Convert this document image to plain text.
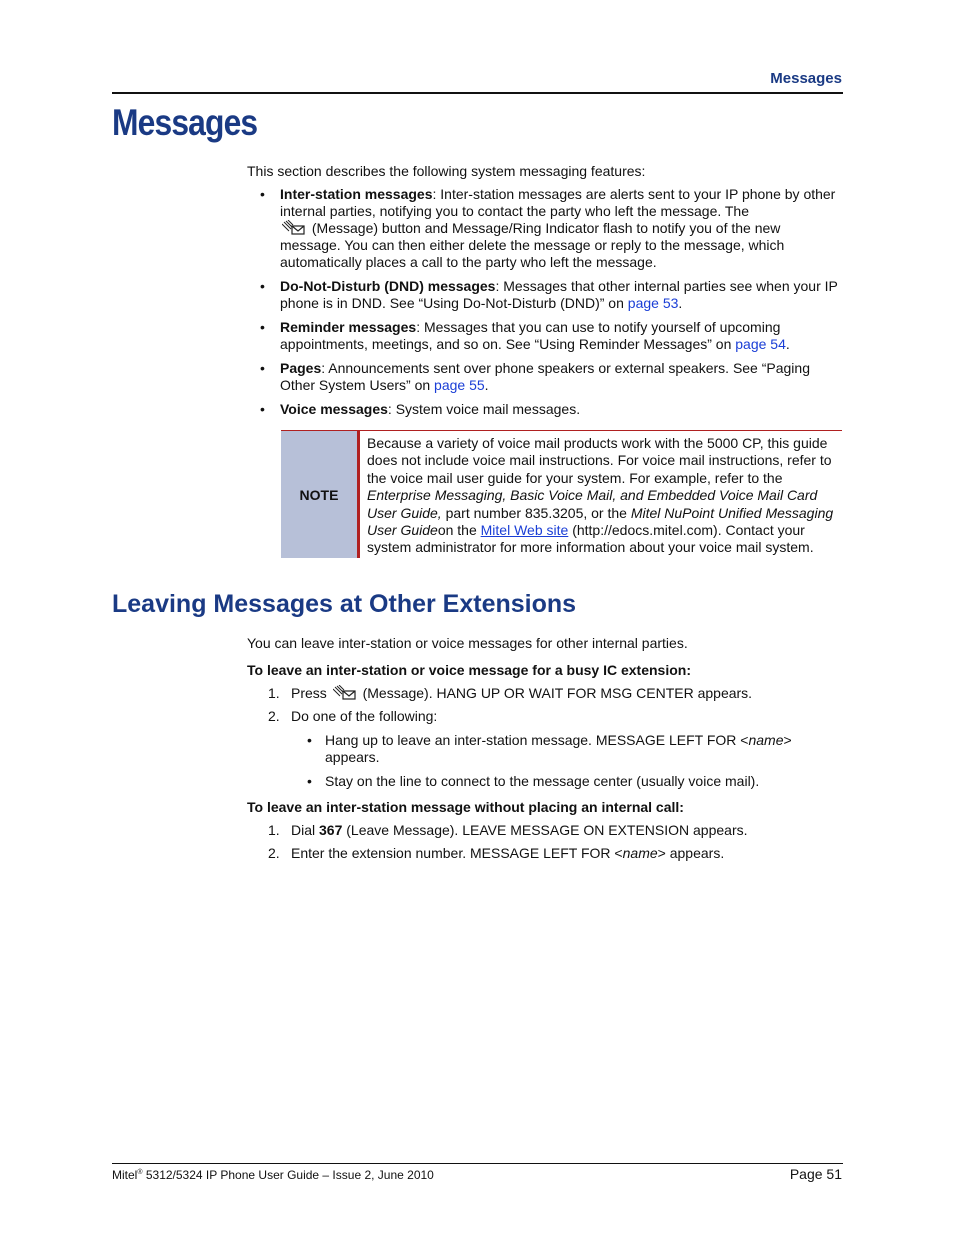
Messages
Messages
This section describes the following system messaging features:
• Inter-station messages: Inter-station messages are alerts sent to your IP phone by other internal parties, notifying you to contact the party who left the message. The
(Message) button and Message/Ring Indicator flash to notify you of the new message. You can then either delete the message or reply to the message, which automatically places a call to the party who left the message.
• Do-Not-Disturb (DND) messages: Messages that other internal parties see when your IP phone is in DND. See “Using Do-Not-Disturb (DND)” on page 53.
• Reminder messages: Messages that you can use to notify yourself of upcoming appointments, meetings, and so on. See “Using Reminder Messages” on page 54.
• Pages: Announcements sent over phone speakers or external speakers. See “Paging Other System Users” on page 55.
• Voice messages: System voice mail messages.
NOTE
Because a variety of voice mail products work with the 5000 CP, this guide does not include voice mail instructions. For voice mail instructions, refer to the voice mail user guide for your system. For example, refer to the Enterprise Messaging, Basic Voice Mail, and Embedded Voice Mail Card User Guide, part number 835.3205, or the Mitel NuPoint Unified Messaging User Guideon the Mitel Web site (http://edocs.mitel.com). Contact your system administrator for more information about your voice mail system.
Leaving Messages at Other Extensions
You can leave inter-station or voice messages for other internal parties.
To leave an inter-station or voice message for a busy IC extension:
1. Press	(Message). HANG UP OR WAIT FOR MSG CENTER appears.
2. Do one of the following:
• Hang up to leave an inter-station message. MESSAGE LEFT FOR <name> appears.
• Stay on the line to connect to the message center (usually voice mail).
To leave an inter-station message without placing an internal call:
1. Dial 367 (Leave Message). LEAVE MESSAGE ON EXTENSION appears.
2. Enter the extension number. MESSAGE LEFT FOR <name> appears.
Mitel® 5312/5324 IP Phone User Guide – Issue 2, June 2010	Page 51
